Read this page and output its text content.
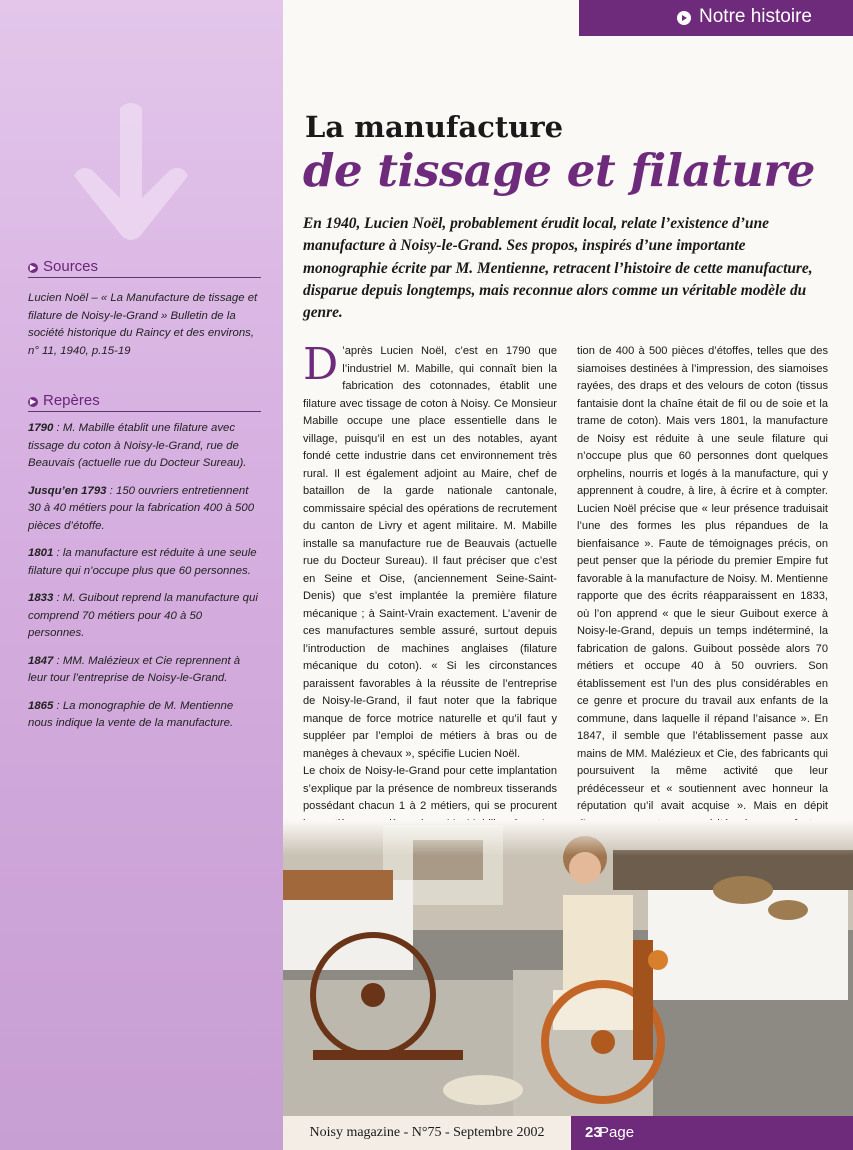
▶ Sources
Lucien Noël – « La Manufacture de tissage et filature de Noisy-le-Grand » Bulletin de la société historique du Raincy et des environs, n° 11, 1940, p.15-19
▶ Repères
1790 : M. Mabille établit une filature avec tissage du coton à Noisy-le-Grand, rue de Beauvais (actuelle rue du Docteur Sureau).
Jusqu’en 1793 : 150 ouvriers entretiennent 30 à 40 métiers pour la fabrication 400 à 500 pièces d’étoffe.
1801 : la manufacture est réduite à une seule filature qui n’occupe plus que 60 personnes.
1833 : M. Guibout reprend la manufacture qui comprend 70 métiers pour 40 à 50 personnes.
1847 : MM. Malézieux et Cie reprennent à leur tour l’entreprise de Noisy-le-Grand.
1865 : La monographie de M. Mentienne nous indique la vente de la manufacture.
Notre histoire
La manufacture
de tissage et filature
En 1940, Lucien Noël, probablement érudit local, relate l’existence d’une manufacture à Noisy-le-Grand. Ses propos, inspirés d’une importante monographie écrite par M. Mentienne, retracent l’histoire de cette manufacture, disparue depuis longtemps, mais reconnue alors comme un véritable modèle du genre.
D ’après Lucien Noël, c’est en 1790 que l’industriel M. Mabille, qui connaît bien la fabrication des cotonnades, établit une filature avec tissage de coton à Noisy. Ce Monsieur Mabille occupe une place essentielle dans le village, puisqu’il en est un des notables, ayant fondé cette industrie dans cet environnement très rural. Il est également adjoint au Maire, chef de bataillon de la garde nationale cantonale, commissaire spécial des opérations de recrutement du canton de Livry et agent militaire. M. Mabille installe sa manufacture rue de Beauvais (actuelle rue du Docteur Sureau). Il faut préciser que c’est en Seine et Oise, (anciennement Seine-Saint-Denis) que s’est implantée la première filature mécanique ; à Saint-Vrain exactement. L’avenir de ces manufactures semble assuré, surtout depuis l’introduction de machines anglaises (filature mécanique du coton). « Si les circonstances paraissent favorables à la réussite de l’entreprise de Noisy-le-Grand, il faut noter que la fabrique manque de force motrice naturelle et qu’il faut y suppléer par l’emploi de métiers à bras ou de manèges à chevaux », spécifie Lucien Noël.
Le choix de Noisy-le-Grand pour cette implantation s’explique par la présence de nombreux tisserands possédant chacun 1 à 2 métiers, qui se procurent
tion de 400 à 500 pièces d’étoffes, telles que des siamoises destinées à l’impression, des siamoises rayées, des draps et des velours de coton (tissus fantaisie dont la chaîne était de fil ou de soie et la trame de coton). Mais vers 1801, la manufacture de Noisy est réduite à une seule filature qui n’occupe plus que 60 personnes dont quelques orphelins, nourris et logés à la manufacture, qui y apprennent à coudre, à lire, à écrire et à compter. Lucien Noël précise que « leur présence traduisait l’une des formes les plus répandues de la bienfaisance ». Faute de témoignages précis, on peut penser que la période du premier Empire fut favorable à la manufacture de Noisy. M. Mentienne rapporte que des écrits réapparaissent en 1833, où l’on apprend « que le sieur Guibout exerce à Noisy-le-Grand, depuis un temps indéterminé, la fabrication de galons. Guibout possède alors 70 métiers et occupe 40 à 50 ouvriers. Son établissement est l’un des plus considérables en ce genre et procure du travail aux enfants de la commune, dans laquelle il répand l’aisance ». En 1847, il semble que l’établissement passe aux mains de MM. Malézieux et Cie, des fabricants qui poursuivent la même activité que leur prédécesseur et « soutiennent avec honneur la réputation qu’il avait acquise ». Mais en dépit
Noisy magazine - N°75 - Septembre 2002	Page
23
